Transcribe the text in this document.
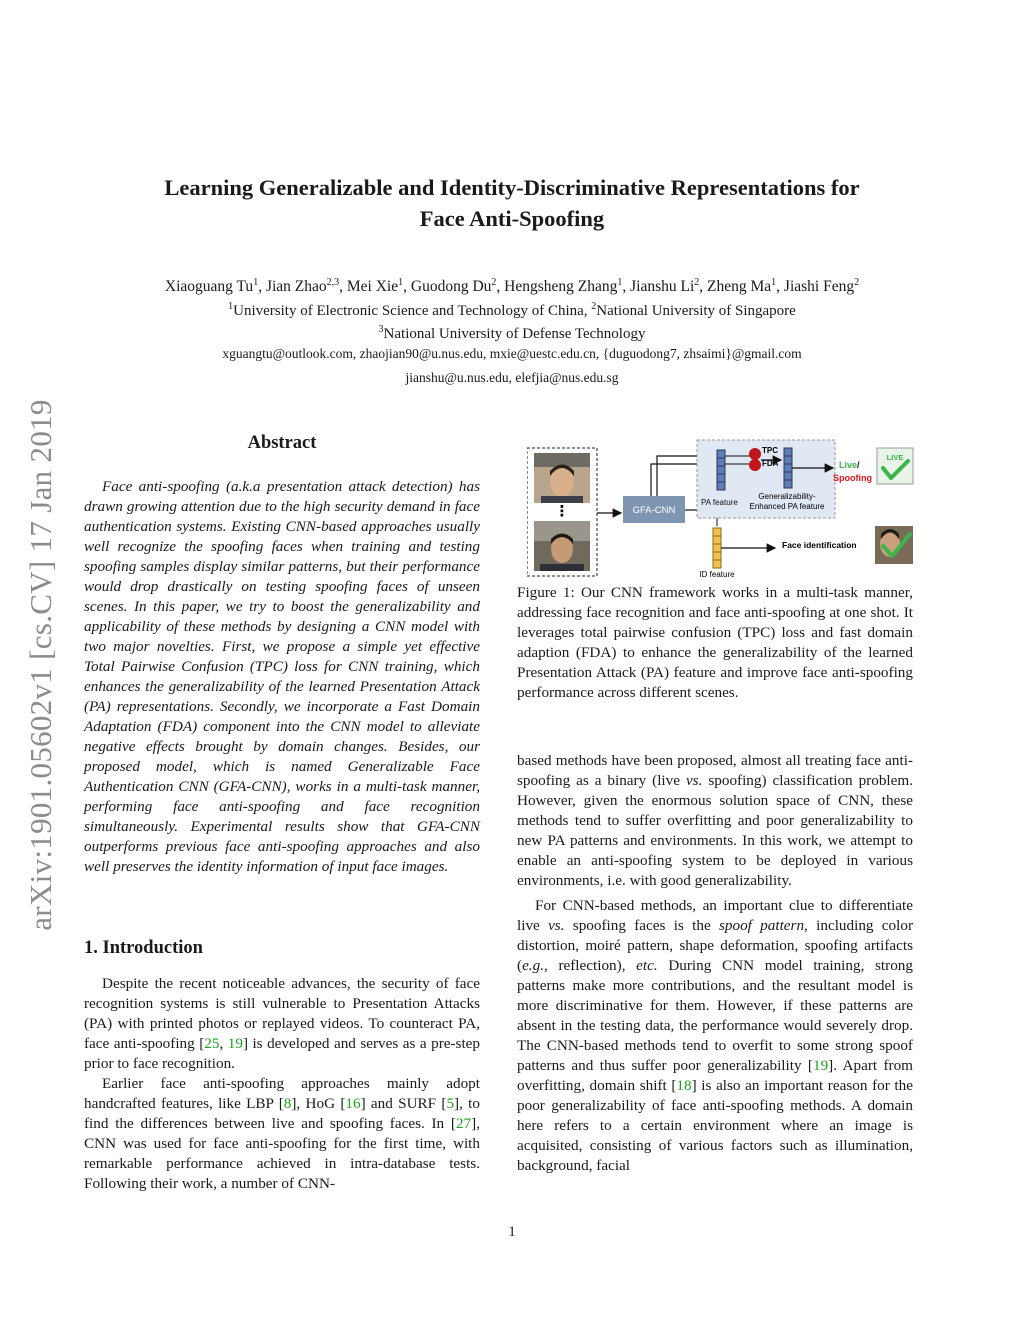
arXiv:1901.05602v1 [cs.CV] 17 Jan 2019
Learning Generalizable and Identity-Discriminative Representations for
Face Anti-Spoofing
Xiaoguang Tu$^1$, Jian Zhao$^{2,3}$, Mei Xie$^1$, Guodong Du$^2$, Hengsheng Zhang$^1$, Jianshu Li$^2$, Zheng Ma$^1$, Jiashi Feng$^2$
$^1$University of Electronic Science and Technology of China, $^2$National University of Singapore
$^3$National University of Defense Technology
xguangtu@outlook.com, zhaojian90@u.nus.edu, mxie@uestc.edu.cn, {duguodong7, zhsaimi}@gmail.com
jianshu@u.nus.edu, elefjia@nus.edu.sg
Abstract
Face anti-spoofing (a.k.a presentation attack detection) has drawn growing attention due to the high security demand in face authentication systems. Existing CNN-based approaches usually well recognize the spoofing faces when training and testing spoofing samples display similar patterns, but their performance would drop drastically on testing spoofing faces of unseen scenes. In this paper, we try to boost the generalizability and applicability of these methods by designing a CNN model with two major novelties. First, we propose a simple yet effective Total Pairwise Confusion (TPC) loss for CNN training, which enhances the generalizability of the learned Presentation Attack (PA) representations. Secondly, we incorporate a Fast Domain Adaptation (FDA) component into the CNN model to alleviate negative effects brought by domain changes. Besides, our proposed model, which is named Generalizable Face Authentication CNN (GFA-CNN), works in a multi-task manner, performing face anti-spoofing and face recognition simultaneously. Experimental results show that GFA-CNN outperforms previous face anti-spoofing approaches and also well preserves the identity information of input face images.
1. Introduction

Despite the recent noticeable advances, the security of face recognition systems is still vulnerable to Presentation Attacks (PA) with printed photos or replayed videos. To counteract PA, face anti-spoofing [25, 19] is developed and serves as a pre-step prior to face recognition.

Earlier face anti-spoofing approaches mainly adopt handcrafted features, like LBP [8], HoG [16] and SURF [5], to find the differences between live and spoofing faces. In [27], CNN was used for face anti-spoofing for the first time, with remarkable performance achieved in intra-database tests. Following their work, a number of CNN-

⋮	GFA-CNN
PA feature
TPC
FDA
Generalizability-
Enhanced PA feature
Live/
Spoofing
LIVE
ID feature
Face identification
Figure 1: Our CNN framework works in a multi-task manner, addressing face recognition and face anti-spoofing at one shot. It leverages total pairwise confusion (TPC) loss and fast domain adaption (FDA) to enhance the generalizability of the learned Presentation Attack (PA) feature and improve face anti-spoofing performance across different scenes.

based methods have been proposed, almost all treating face anti-spoofing as a binary (live vs. spoofing) classification problem. However, given the enormous solution space of CNN, these methods tend to suffer overfitting and poor generalizability to new PA patterns and environments. In this work, we attempt to enable an anti-spoofing system to be deployed in various environments, i.e. with good generalizability.

For CNN-based methods, an important clue to differentiate live vs. spoofing faces is the spoof pattern, including color distortion, moiré pattern, shape deformation, spoofing artifacts (e.g., reflection), etc. During CNN model training, strong patterns make more contributions, and the resultant model is more discriminative for them. However, if these patterns are absent in the testing data, the performance would severely drop. The CNN-based methods tend to overfit to some strong spoof patterns and thus suffer poor generalizability [19]. Apart from overfitting, domain shift [18] is also an important reason for the poor generalizability of face anti-spoofing methods. A domain here refers to a certain environment where an image is acquisited, consisting of various factors such as illumination, background, facial

1
